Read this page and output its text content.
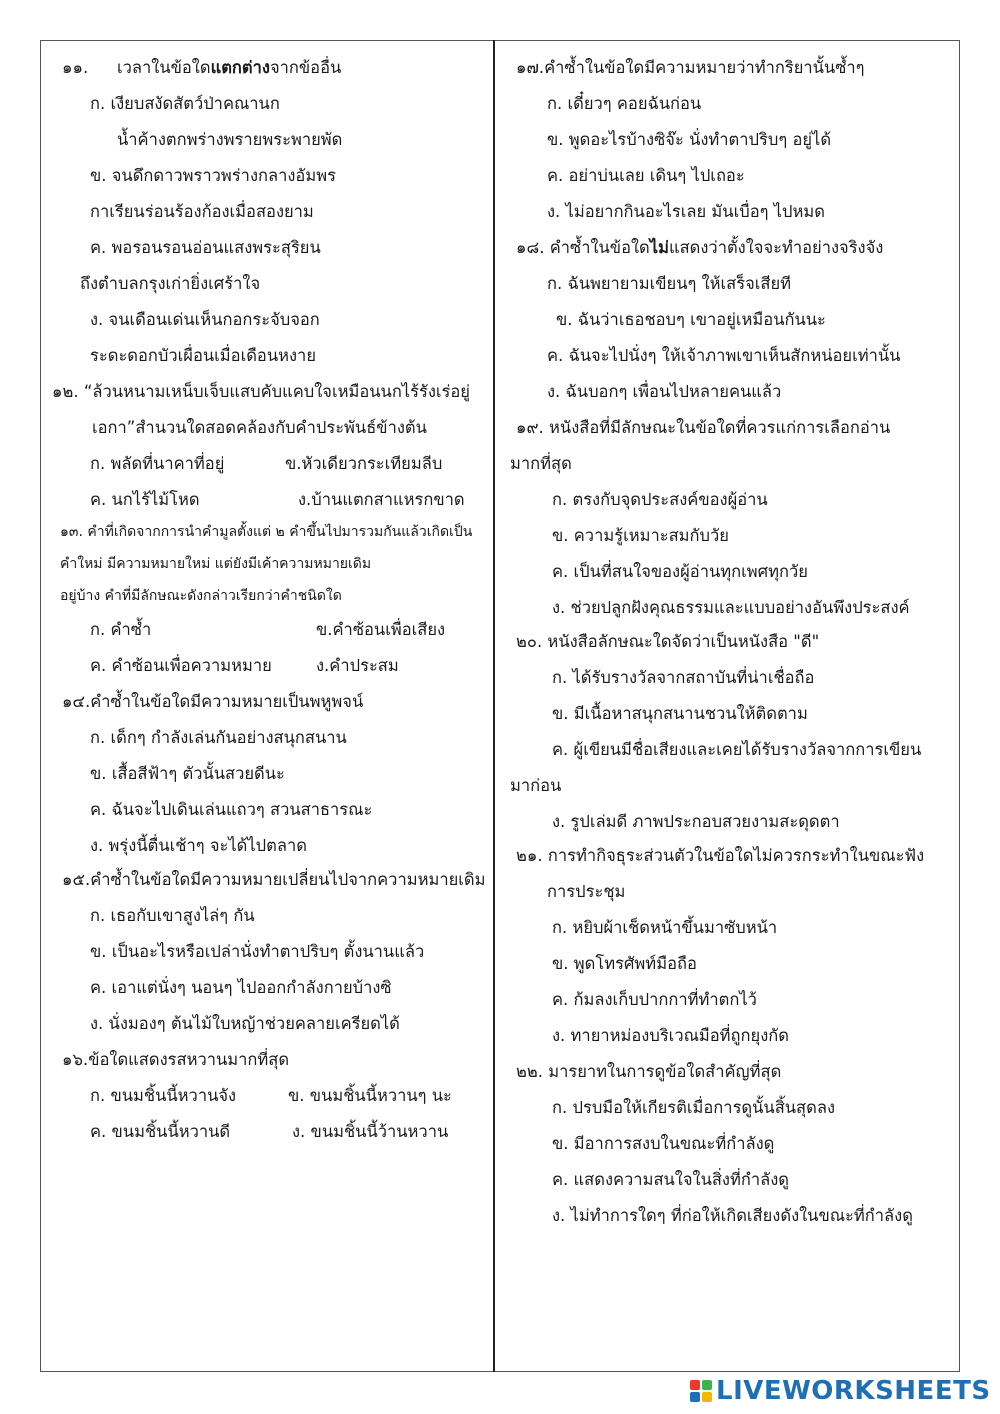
๑๑. เวลาในข้อใดแตกต่างจากข้ออื่น
ก. เงียบสงัดสัตว์ป่าคณานก
น้ำค้างตกพร่างพรายพระพายพัด
ข. จนดึกดาวพราวพร่างกลางอัมพร
กาเรียนร่อนร้องก้องเมื่อสองยาม
ค. พอรอนรอนอ่อนแสงพระสุริยน
ถึงตำบลกรุงเก่ายิ่งเศร้าใจ
ง. จนเดือนเด่นเห็นกอกระจับจอก
ระดะดอกบัวเผื่อนเมื่อเดือนหงาย
๑๒. “ล้วนหนามเหน็บเจ็บแสบคับแคบใจเหมือนนกไร้รังเร่อยู่
เอกา”สำนวนใดสอดคล้องกับคำประพันธ์ข้างต้น
ก. พลัดที่นาคาที่อยู่	ข.หัวเดียวกระเทียมลีบ
ค. นกไร้ไม้โหด	ง.บ้านแตกสาแหรกขาด
๑๓. คำที่เกิดจากการนำคำมูลตั้งแต่ ๒ คำขึ้นไปมารวมกันแล้วเกิดเป็น
คำใหม่ มีความหมายใหม่ แต่ยังมีเค้าความหมายเดิม
อยู่บ้าง คำที่มีลักษณะดังกล่าวเรียกว่าคำชนิดใด
ก. คำซ้ำ	ข.คำซ้อนเพื่อเสียง
ค. คำซ้อนเพื่อความหมาย	ง.คำประสม
๑๔.คำซ้ำในข้อใดมีความหมายเป็นพหูพจน์
ก. เด็กๆ กำลังเล่นกันอย่างสนุกสนาน
ข. เสื้อสีฟ้าๆ ตัวนั้นสวยดีนะ
ค. ฉันจะไปเดินเล่นแถวๆ สวนสาธารณะ
ง. พรุ่งนี้ตื่นเช้าๆ จะได้ไปตลาด
๑๕.คำซ้ำในข้อใดมีความหมายเปลี่ยนไปจากความหมายเดิม
ก. เธอกับเขาสูงไล่ๆ กัน
ข. เป็นอะไรหรือเปล่านั่งทำตาปริบๆ ตั้งนานแล้ว
ค. เอาแต่นั่งๆ นอนๆ ไปออกกำลังกายบ้างซิ
ง. นั่งมองๆ ต้นไม้ใบหญ้าช่วยคลายเครียดได้
๑๖.ข้อใดแสดงรสหวานมากที่สุด
ก. ขนมชิ้นนี้หวานจัง	ข. ขนมชิ้นนี้หวานๆ นะ
ค. ขนมชิ้นนี้หวานดี	ง. ขนมชิ้นนี้ว้านหวาน
๑๗.คำซ้ำในข้อใดมีความหมายว่าทำกริยานั้นซ้ำๆ
ก. เดี๋ยวๆ คอยฉันก่อน
ข. พูดอะไรบ้างซิจ๊ะ นั่งทำตาปริบๆ อยู่ได้
ค. อย่าบ่นเลย เดินๆ ไปเถอะ
ง. ไม่อยากกินอะไรเลย มันเบื่อๆ ไปหมด
๑๘. คำซ้ำในข้อใดไม่แสดงว่าตั้งใจจะทำอย่างจริงจัง
ก. ฉันพยายามเขียนๆ ให้เสร็จเสียที
ข. ฉันว่าเธอชอบๆ เขาอยู่เหมือนกันนะ
ค. ฉันจะไปนั่งๆ ให้เจ้าภาพเขาเห็นสักหน่อยเท่านั้น
ง. ฉันบอกๆ เพื่อนไปหลายคนแล้ว
๑๙. หนังสือที่มีลักษณะในข้อใดที่ควรแก่การเลือกอ่าน
มากที่สุด
ก. ตรงกับจุดประสงค์ของผู้อ่าน
ข. ความรู้เหมาะสมกับวัย
ค. เป็นที่สนใจของผู้อ่านทุกเพศทุกวัย
ง. ช่วยปลูกฝังคุณธรรมและแบบอย่างอันพึงประสงค์
๒๐. หนังสือลักษณะใดจัดว่าเป็นหนังสือ "ดี"
ก. ได้รับรางวัลจากสถาบันที่น่าเชื่อถือ
ข. มีเนื้อหาสนุกสนานชวนให้ติดตาม
ค. ผู้เขียนมีชื่อเสียงและเคยได้รับรางวัลจากการเขียน
มาก่อน
ง. รูปเล่มดี ภาพประกอบสวยงามสะดุดตา
๒๑. การทำกิจธุระส่วนตัวในข้อใดไม่ควรกระทำในขณะฟัง
การประชุม
ก. หยิบผ้าเช็ดหน้าขึ้นมาซับหน้า
ข. พูดโทรศัพท์มือถือ
ค. ก้มลงเก็บปากกาที่ทำตกไว้
ง. ทายาหม่องบริเวณมือที่ถูกยุงกัด
๒๒. มารยาทในการดูข้อใดสำคัญที่สุด
ก. ปรบมือให้เกียรติเมื่อการดูนั้นสิ้นสุดลง
ข. มีอาการสงบในขณะที่กำลังดู
ค. แสดงความสนใจในสิ่งที่กำลังดู
ง. ไม่ทำการใดๆ ที่ก่อให้เกิดเสียงดังในขณะที่กำลังดู
LIVEWORKSHEETS
